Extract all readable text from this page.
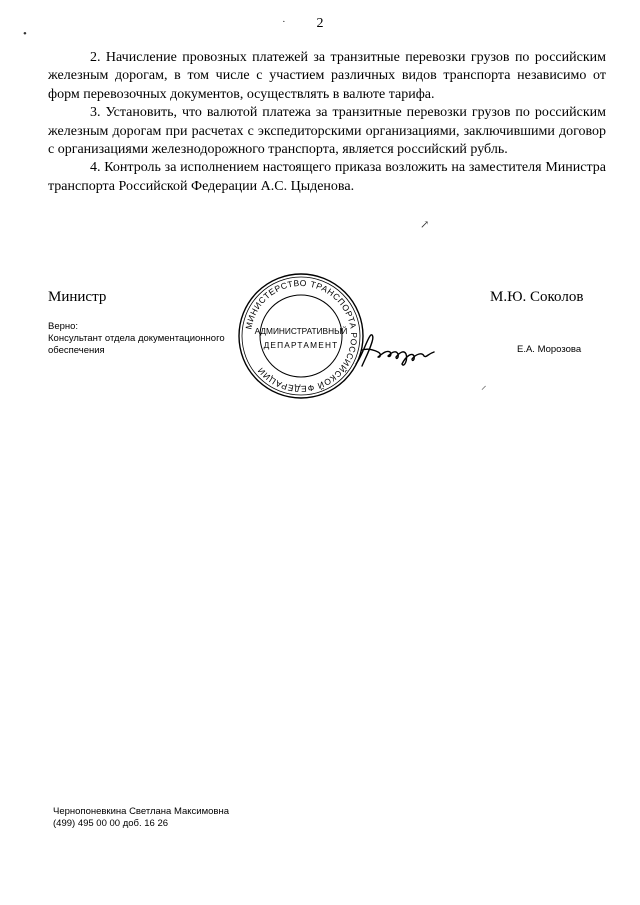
2
•
·

2. Начисление провозных платежей за транзитные перевозки грузов по российским железным дорогам, в том числе с участием различных видов транспорта независимо от форм перевозочных документов, осуществлять в валюте тарифа.

3. Установить, что валютой платежа за транзитные перевозки грузов по российским железным дорогам при расчетах с экспедиторскими организациями, заключившими договор с организациями железнодорожного транспорта, является российский рубль.

4. Контроль за исполнением настоящего приказа возложить на заместителя Министра транспорта Российской Федерации А.С. Цыденова.

↗
Министр	М.Ю. Соколов
Верно:
Консультант отдела документационного
обеспечения
МИНИСТЕРСТВО ТРАНСПОРТА РОССИЙСКОЙ ФЕДЕРАЦИИ
АДМИНИСТРАТИВНЫЙ
ДЕПАРТАМЕНТ	Е.А. Морозова
⸝
Чернопоневкина Светлана Максимовна
(499) 495 00 00 доб. 16 26
